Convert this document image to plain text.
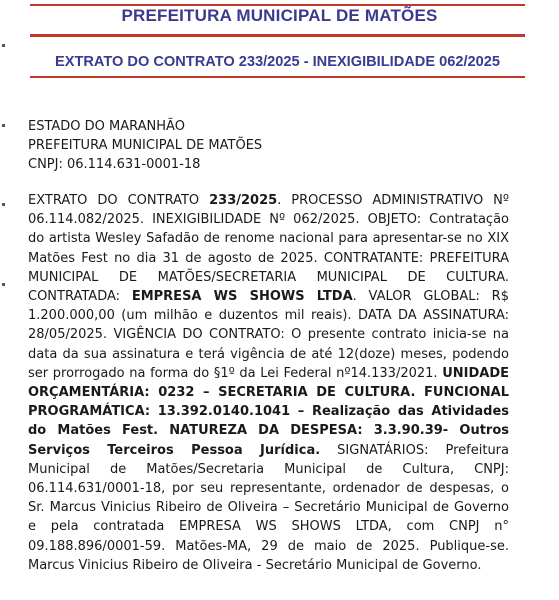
PREFEITURA MUNICIPAL DE MATÕES
EXTRATO DO CONTRATO 233/2025 - INEXIGIBILIDADE 062/2025
ESTADO DO MARANHÃO
PREFEITURA MUNICIPAL DE MATÕES
CNPJ: 06.114.631-0001-18
EXTRATO DO CONTRATO 233/2025. PROCESSO ADMINISTRATIVO Nº 06.114.082/2025. INEXIGIBILIDADE Nº 062/2025. OBJETO: Contratação do artista Wesley Safadão de renome nacional para apresentar-se no XIX Matões Fest no dia 31 de agosto de 2025. CONTRATANTE: PREFEITURA MUNICIPAL DE MATÕES/SECRETARIA MUNICIPAL DE CULTURA. CONTRATADA: EMPRESA WS SHOWS LTDA. VALOR GLOBAL: R$ 1.200.000,00 (um milhão e duzentos mil reais). DATA DA ASSINATURA: 28/05/2025. VIGÊNCIA DO CONTRATO: O presente contrato inicia-se na data da sua assinatura e terá vigência de até 12(doze) meses, podendo ser prorrogado na forma do §1º da Lei Federal nº14.133/2021. UNIDADE ORÇAMENTÁRIA: 0232 – SECRETARIA DE CULTURA. FUNCIONAL PROGRAMÁTICA: 13.392.0140.1041 – Realização das Atividades do Matões Fest. NATUREZA DA DESPESA: 3.3.90.39- Outros Serviços Terceiros Pessoa Jurídica. SIGNATÁRIOS: Prefeitura Municipal de Matões/Secretaria Municipal de Cultura, CNPJ: 06.114.631/0001-18, por seu representante, ordenador de despesas, o Sr. Marcus Vinicius Ribeiro de Oliveira – Secretário Municipal de Governo e pela contratada EMPRESA WS SHOWS LTDA, com CNPJ n° 09.188.896/0001-59. Matões-MA, 29 de maio de 2025. Publique-se. Marcus Vinicius Ribeiro de Oliveira - Secretário Municipal de Governo.
